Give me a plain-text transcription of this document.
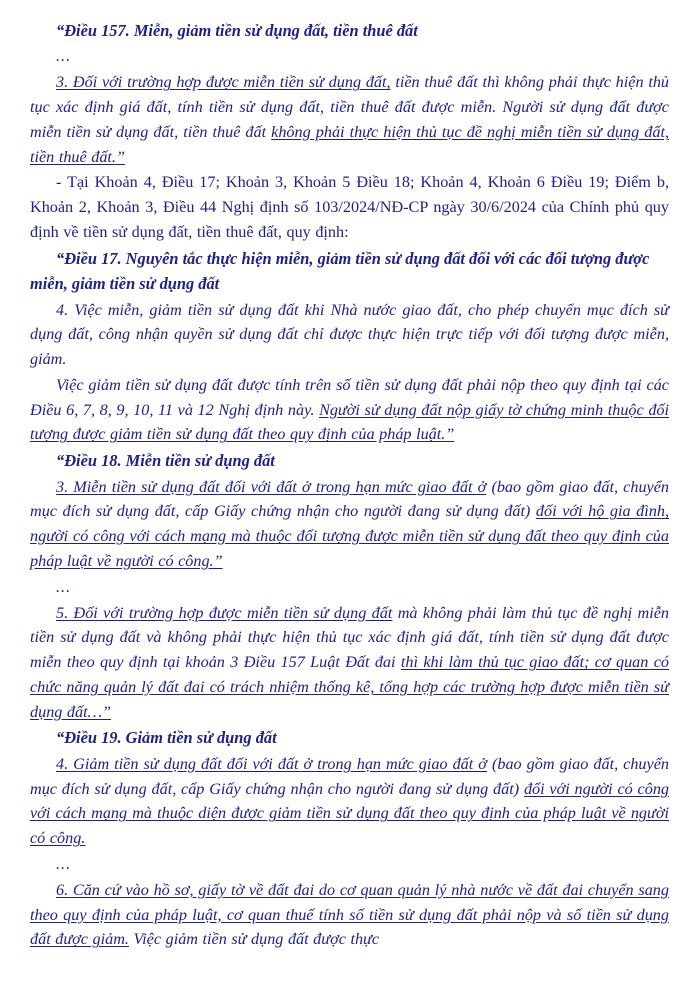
“Điều 157. Miễn, giảm tiền sử dụng đất, tiền thuê đất

...

3. Đối với trường hợp được miễn tiền sử dụng đất, tiền thuê đất thì không phải thực hiện thủ tục xác định giá đất, tính tiền sử dụng đất, tiền thuê đất được miễn. Người sử dụng đất được miễn tiền sử dụng đất, tiền thuê đất không phải thực hiện thủ tục đề nghị miễn tiền sử dụng đất, tiền thuê đất.”

- Tại Khoản 4, Điều 17; Khoản 3, Khoản 5 Điều 18; Khoản 4, Khoản 6 Điều 19; Điểm b, Khoản 2, Khoản 3, Điều 44 Nghị định số 103/2024/NĐ-CP ngày 30/6/2024 của Chính phủ quy định về tiền sử dụng đất, tiền thuê đất, quy định:

“Điều 17. Nguyên tắc thực hiện miễn, giảm tiền sử dụng đất đối với các đối tượng được miễn, giảm tiền sử dụng đất

4. Việc miễn, giảm tiền sử dụng đất khi Nhà nước giao đất, cho phép chuyển mục đích sử dụng đất, công nhận quyền sử dụng đất chỉ được thực hiện trực tiếp với đối tượng được miễn, giảm.

Việc giảm tiền sử dụng đất được tính trên số tiền sử dụng đất phải nộp theo quy định tại các Điều 6, 7, 8, 9, 10, 11 và 12 Nghị định này. Người sử dụng đất nộp giấy tờ chứng minh thuộc đối tượng được giảm tiền sử dụng đất theo quy định của pháp luật.”

“Điều 18. Miễn tiền sử dụng đất

3. Miễn tiền sử dụng đất đối với đất ở trong hạn mức giao đất ở (bao gồm giao đất, chuyển mục đích sử dụng đất, cấp Giấy chứng nhận cho người đang sử dụng đất) đối với hộ gia đình, người có công với cách mạng mà thuộc đối tượng được miễn tiền sử dụng đất theo quy định của pháp luật về người có công.”

...

5. Đối với trường hợp được miễn tiền sử dụng đất mà không phải làm thủ tục đề nghị miễn tiền sử dụng đất và không phải thực hiện thủ tục xác định giá đất, tính tiền sử dụng đất được miễn theo quy định tại khoản 3 Điều 157 Luật Đất đai thì khi làm thủ tục giao đất; cơ quan có chức năng quản lý đất đai có trách nhiệm thống kê, tổng hợp các trường hợp được miễn tiền sử dụng đất…”

“Điều 19. Giảm tiền sử dụng đất

4. Giảm tiền sử dụng đất đối với đất ở trong hạn mức giao đất ở (bao gồm giao đất, chuyển mục đích sử dụng đất, cấp Giấy chứng nhận cho người đang sử dụng đất) đối với người có công với cách mạng mà thuộc diện được giảm tiền sử dụng đất theo quy định của pháp luật về người có công.

...

6. Căn cứ vào hồ sơ, giấy tờ về đất đai do cơ quan quản lý nhà nước về đất đai chuyển sang theo quy định của pháp luật, cơ quan thuế tính số tiền sử dụng đất phải nộp và số tiền sử dụng đất được giảm. Việc giảm tiền sử dụng đất được thực
